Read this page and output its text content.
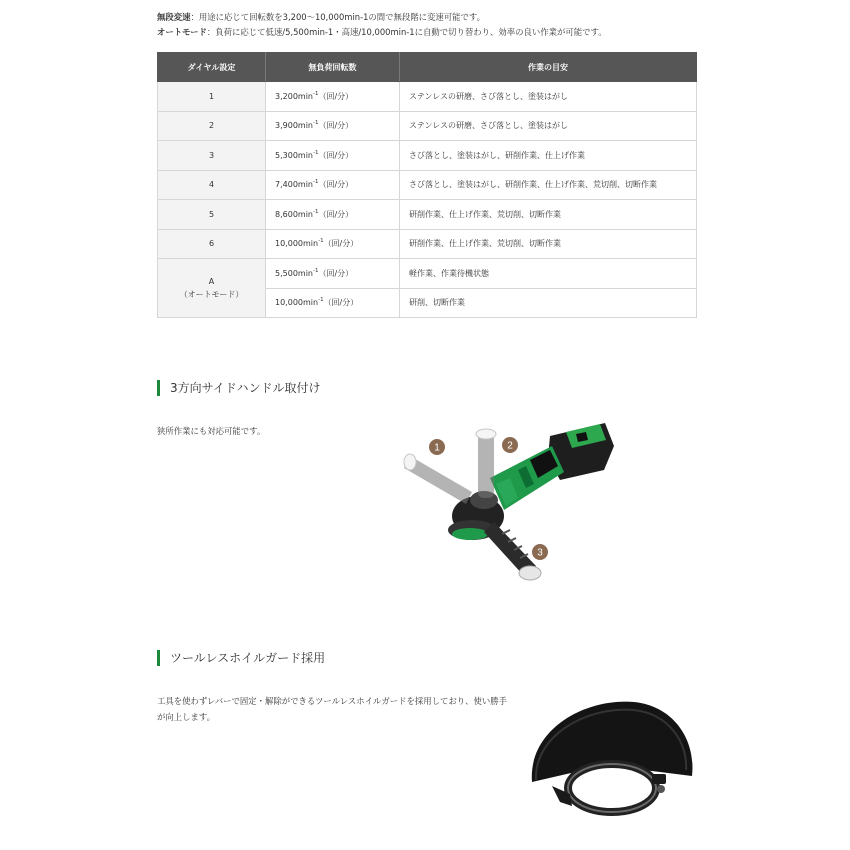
無段変速：用途に応じて回転数を3,200〜10,000min-1の間で無段階に変速可能です。
オートモード：負荷に応じて低速/5,500min-1・高速/10,000min-1に自動で切り替わり、効率の良い作業が可能です。
ダイヤル設定	無負荷回転数	作業の目安
1	$3,200\min^{-1}$（回/分）	ステンレスの研磨、さび落とし、塗装はがし
2	$3,900\min^{-1}$（回/分）	ステンレスの研磨、さび落とし、塗装はがし
3	$5,300\min^{-1}$（回/分）	さび落とし、塗装はがし、研削作業、仕上げ作業
4	$7,400\min^{-1}$（回/分）	さび落とし、塗装はがし、研削作業、仕上げ作業、荒切削、切断作業
5	$8,600\min^{-1}$（回/分）	研削作業、仕上げ作業、荒切削、切断作業
6	$10,000\min^{-1}$（回/分）	研削作業、仕上げ作業、荒切削、切断作業

A
（オートモード）	$5,500\min^{-1}$（回/分）	軽作業、作業待機状態
	$10,000\min^{-1}$（回/分）	研削、切断作業
3方向サイドハンドル取付け
狭所作業にも対応可能です。
1	2
3
ツールレスホイルガード採用
工具を使わずレバーで固定・解除ができるツールレスホイルガードを採用しており、使い勝手
が向上します。
